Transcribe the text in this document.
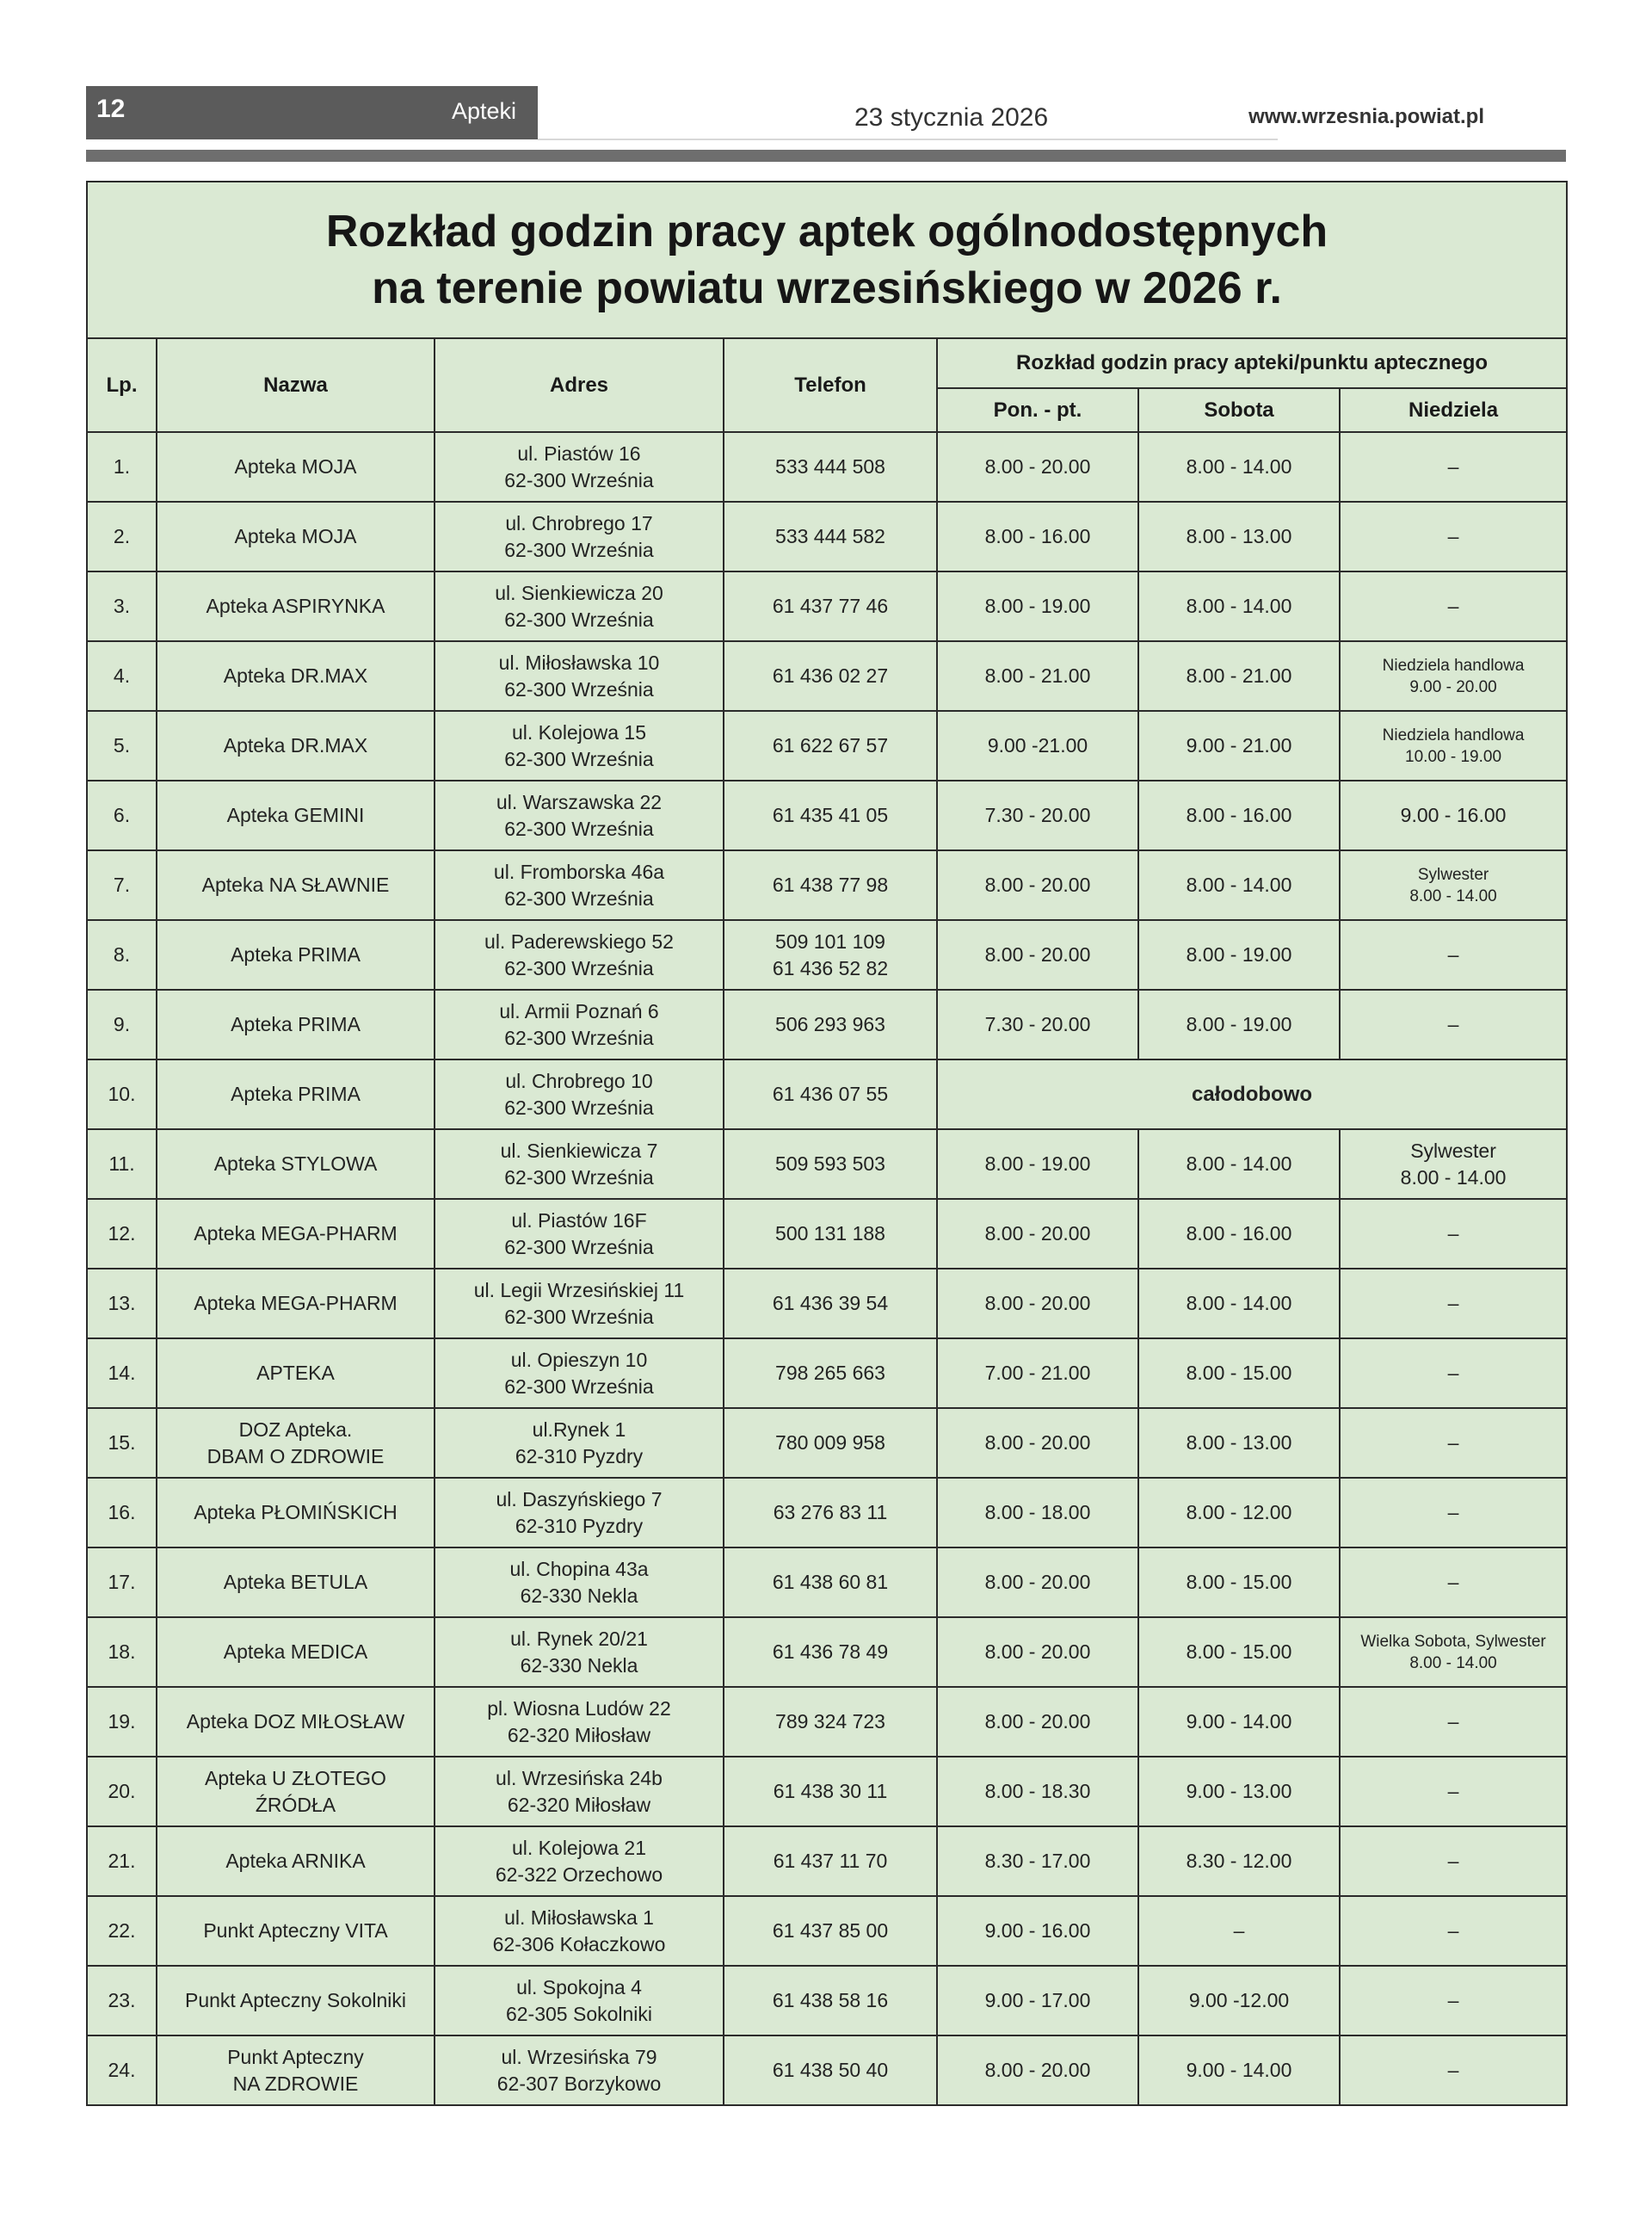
12	Apteki	23 stycznia 2026	www.wrzesnia.powiat.pl
Rozkład godzin pracy aptek ogólnodostępnych
na terenie powiatu wrzesińskiego w 2026 r.						

Lp.	Nazwa	Adres	Telefon	Rozkład godzin pracy apteki/punktu aptecznego		
				Pon. - pt.	Sobota	Niedziela
1.	Apteka MOJA	ul. Piastów 16
62-300 Września	533 444 508	8.00 - 20.00	8.00 - 14.00	–

2.	Apteka MOJA	ul. Chrobrego 17
62-300 Września	533 444 582	8.00 - 16.00	8.00 - 13.00	–

3.	Apteka ASPIRYNKA	ul. Sienkiewicza 20
62-300 Września	61 437 77 46	8.00 - 19.00	8.00 - 14.00	–

4.	Apteka DR.MAX	ul. Miłosławska 10
62-300 Września	61 436 02 27	8.00 - 21.00	8.00 - 21.00	Niedziela handlowa
9.00 - 20.00

5.	Apteka DR.MAX	ul. Kolejowa 15
62-300 Września	61 622 67 57	9.00 -21.00	9.00 - 21.00	Niedziela handlowa
10.00 - 19.00

6.	Apteka GEMINI	ul. Warszawska 22
62-300 Września	61 435 41 05	7.30 - 20.00	8.00 - 16.00	9.00 - 16.00

7.	Apteka NA SŁAWNIE	ul. Fromborska 46a
62-300 Września	61 438 77 98	8.00 - 20.00	8.00 - 14.00	Sylwester
8.00 - 14.00

8.	Apteka PRIMA	ul. Paderewskiego 52
62-300 Września	509 101 109
61 436 52 82	8.00 - 20.00	8.00 - 19.00	–

9.	Apteka PRIMA	ul. Armii Poznań 6
62-300 Września	506 293 963	7.30 - 20.00	8.00 - 19.00	–

10.	Apteka PRIMA	ul. Chrobrego 10
62-300 Września	61 436 07 55	całodobowo		
11.	Apteka STYLOWA	ul. Sienkiewicza 7
62-300 Września	509 593 503	8.00 - 19.00	8.00 - 14.00	Sylwester
8.00 - 14.00

12.	Apteka MEGA-PHARM	ul. Piastów 16F
62-300 Września	500 131 188	8.00 - 20.00	8.00 - 16.00	–

13.	Apteka MEGA-PHARM	ul. Legii Wrzesińskiej 11
62-300 Września	61 436 39 54	8.00 - 20.00	8.00 - 14.00	–

14.	APTEKA	ul. Opieszyn 10
62-300 Września	798 265 663	7.00 - 21.00	8.00 - 15.00	–

15.	DOZ Apteka.
DBAM O ZDROWIE	ul.Rynek 1
62-310 Pyzdry	780 009 958	8.00 - 20.00	8.00 - 13.00	–

16.	Apteka PŁOMIŃSKICH	ul. Daszyńskiego 7
62-310 Pyzdry	63 276 83 11	8.00 - 18.00	8.00 - 12.00	–

17.	Apteka BETULA	ul. Chopina 43a
62-330 Nekla	61 438 60 81	8.00 - 20.00	8.00 - 15.00	–

18.	Apteka MEDICA	ul. Rynek 20/21
62-330 Nekla	61 436 78 49	8.00 - 20.00	8.00 - 15.00	Wielka Sobota, Sylwester
8.00 - 14.00

19.	Apteka DOZ MIŁOSŁAW	pl. Wiosna Ludów 22
62-320 Miłosław	789 324 723	8.00 - 20.00	9.00 - 14.00	–

20.	Apteka U ZŁOTEGO
ŹRÓDŁA	ul. Wrzesińska 24b
62-320 Miłosław	61 438 30 11	8.00 - 18.30	9.00 - 13.00	–

21.	Apteka ARNIKA	ul. Kolejowa 21
62-322 Orzechowo	61 437 11 70	8.30 - 17.00	8.30 - 12.00	–

22.	Punkt Apteczny VITA	ul. Miłosławska 1
62-306 Kołaczkowo	61 437 85 00	9.00 - 16.00	–	–

23.	Punkt Apteczny Sokolniki	ul. Spokojna 4
62-305 Sokolniki	61 438 58 16	9.00 - 17.00	9.00 -12.00	–

24.	Punkt Apteczny
NA ZDROWIE	ul. Wrzesińska 79
62-307 Borzykowo	61 438 50 40	8.00 - 20.00	9.00 - 14.00	–
